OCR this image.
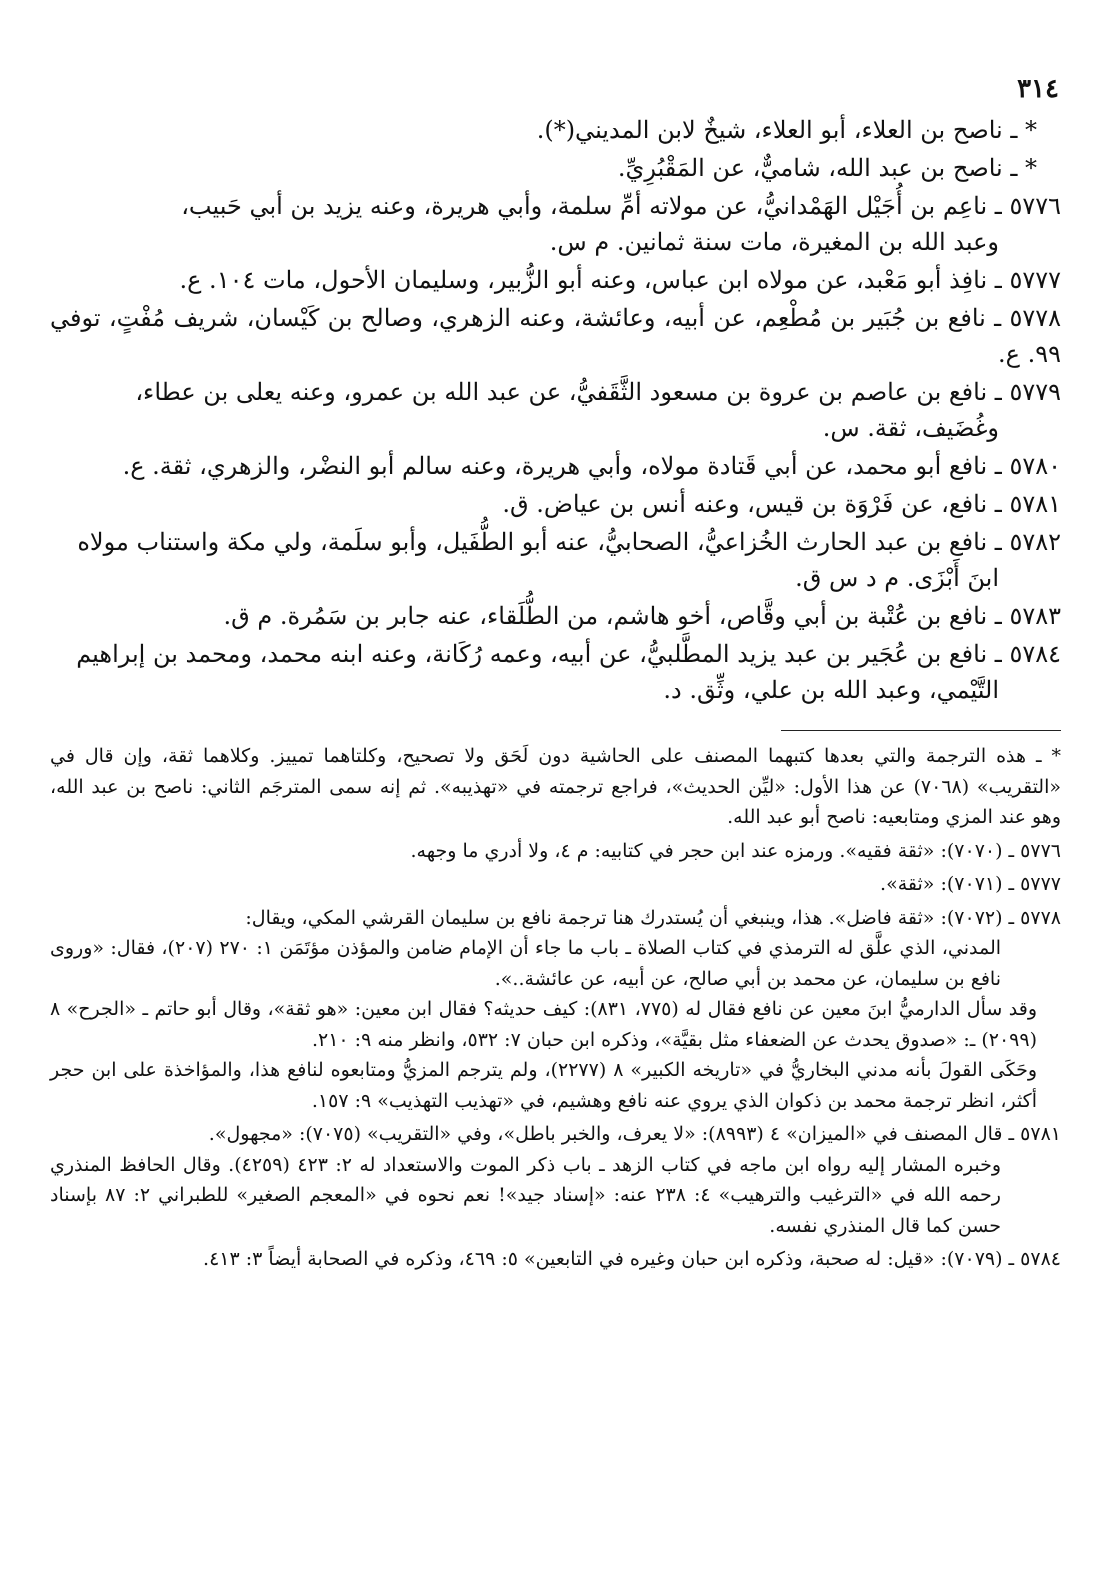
٣١٤
* ـ ناصح بن العلاء، أبو العلاء، شيخٌ لابن المديني(*).
* ـ ناصح بن عبد الله، شاميٌّ، عن المَقْبُرِيِّ.
٥٧٧٦ ـ ناعِم بن أُجَيْل الهَمْدانيُّ، عن مولاته أمِّ سلمة، وأبي هريرة، وعنه يزيد بن أبي حَبيب،
وعبد الله بن المغيرة، مات سنة ثمانين. م س.
٥٧٧٧ ـ نافِذ أبو مَعْبد، عن مولاه ابن عباس، وعنه أبو الزُّبير، وسليمان الأحول، مات ١٠٤. ع.
٥٧٧٨ ـ نافع بن جُبَير بن مُطْعِم، عن أبيه، وعائشة، وعنه الزهري، وصالح بن كَيْسان، شريف مُفْتٍ، توفي ٩٩. ع.
٥٧٧٩ ـ نافع بن عاصم بن عروة بن مسعود الثَّقَفيُّ، عن عبد الله بن عمرو، وعنه يعلى بن عطاء،
وغُضَيف، ثقة. س.
٥٧٨٠ ـ نافع أبو محمد، عن أبي قَتادة مولاه، وأبي هريرة، وعنه سالم أبو النضْر، والزهري، ثقة. ع.
٥٧٨١ ـ نافع، عن فَرْوَة بن قيس، وعنه أنس بن عياض. ق.
٥٧٨٢ ـ نافع بن عبد الحارث الخُزاعيُّ، الصحابيُّ، عنه أبو الطُّفَيل، وأبو سلَمة، ولي مكة واستناب مولاه
ابنَ أَبْزَى. م د س ق.
٥٧٨٣ ـ نافع بن عُتْبة بن أبي وقَّاص، أخو هاشم، من الطُّلَقاء، عنه جابر بن سَمُرة. م ق.
٥٧٨٤ ـ نافع بن عُجَير بن عبد يزيد المطَّلبيُّ، عن أبيه، وعمه رُكَانة، وعنه ابنه محمد، ومحمد بن إبراهيم
التَّيْمي، وعبد الله بن علي، وثِّق. د.
* ـ هذه الترجمة والتي بعدها كتبهما المصنف على الحاشية دون لَحَق ولا تصحيح، وكلتاهما تمييز. وكلاهما ثقة، وإن قال في «التقريب» (٧٠٦٨) عن هذا الأول: «ليِّن الحديث»، فراجع ترجمته في «تهذيبه». ثم إنه سمى المترجَم الثاني: ناصح بن عبد الله، وهو عند المزي ومتابعيه: ناصح أبو عبد الله.
٥٧٧٦ ـ (٧٠٧٠): «ثقة فقيه». ورمزه عند ابن حجر في كتابيه: م ٤، ولا أدري ما وجهه.
٥٧٧٧ ـ (٧٠٧١): «ثقة».
٥٧٧٨ ـ (٧٠٧٢): «ثقة فاضل». هذا، وينبغي أن يُستدرك هنا ترجمة نافع بن سليمان القرشي المكي، ويقال:
المدني، الذي علَّق له الترمذي في كتاب الصلاة ـ باب ما جاء أن الإمام ضامن والمؤذن مؤتَمَن ١: ٢٧٠ (٢٠٧)، فقال: «وروى نافع بن سليمان، عن محمد بن أبي صالح، عن أبيه، عن عائشة..».
وقد سأل الدارميُّ ابنَ معين عن نافع فقال له (٧٧٥، ٨٣١): كيف حديثه؟ فقال ابن معين: «هو ثقة»، وقال أبو حاتم ـ «الجرح» ٨ (٢٠٩٩) ـ: «صدوق يحدث عن الضعفاء مثل بقيَّة»، وذكره ابن حبان ٧: ٥٣٢، وانظر منه ٩: ٢١٠.
وحَكَى القولَ بأنه مدني البخاريُّ في «تاريخه الكبير» ٨ (٢٢٧٧)، ولم يترجم المزيُّ ومتابعوه لنافع هذا، والمؤاخذة على ابن حجر أكثر، انظر ترجمة محمد بن ذكوان الذي يروي عنه نافع وهشيم، في «تهذيب التهذيب» ٩: ١٥٧.
٥٧٨١ ـ قال المصنف في «الميزان» ٤ (٨٩٩٣): «لا يعرف، والخبر باطل»، وفي «التقريب» (٧٠٧٥): «مجهول».
وخبره المشار إليه رواه ابن ماجه في كتاب الزهد ـ باب ذكر الموت والاستعداد له ٢: ٤٢٣ (٤٢٥٩). وقال الحافظ المنذري رحمه الله في «الترغيب والترهيب» ٤: ٢٣٨ عنه: «إسناد جيد»! نعم نحوه في «المعجم الصغير» للطبراني ٢: ٨٧ بإسناد حسن كما قال المنذري نفسه.
٥٧٨٤ ـ (٧٠٧٩): «قيل: له صحبة، وذكره ابن حبان وغيره في التابعين» ٥: ٤٦٩، وذكره في الصحابة أيضاً ٣: ٤١٣.
